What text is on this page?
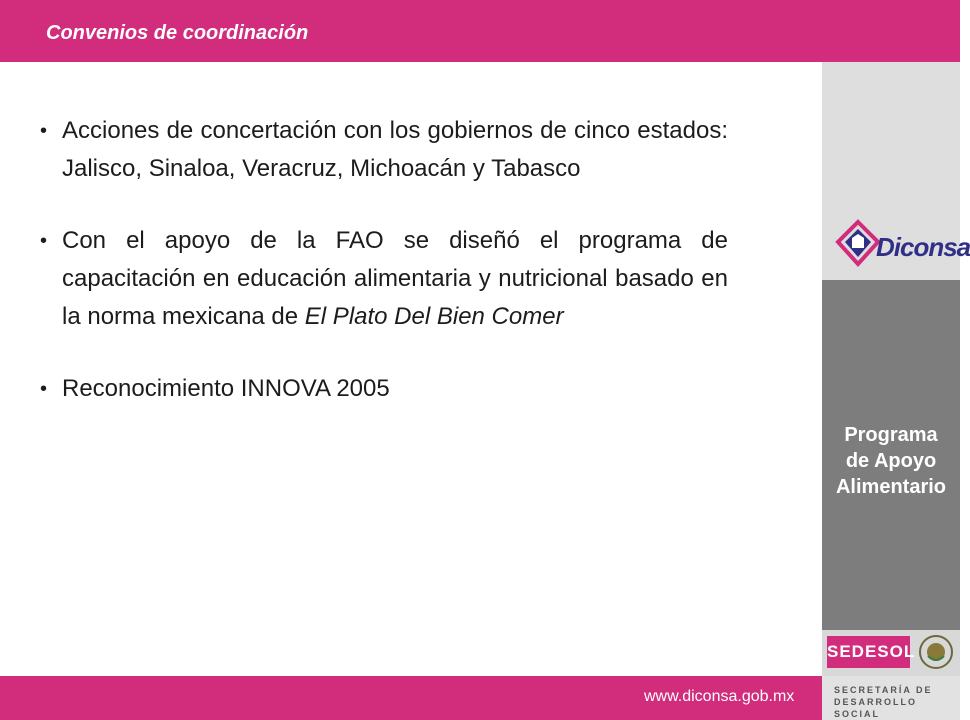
Convenios de coordinación
• Acciones de concertación con los gobiernos de cinco estados: Jalisco, Sinaloa, Veracruz, Michoacán y Tabasco
• Con el apoyo de la FAO se diseñó el programa de capacitación en educación alimentaria y nutricional basado en la norma mexicana de El Plato Del Bien Comer
• Reconocimiento INNOVA 2005
Diconsa
Programa
de Apoyo
Alimentario
www.diconsa.gob.mx
SEDESOL
SECRETARÍA DE
DESARROLLO SOCIAL
